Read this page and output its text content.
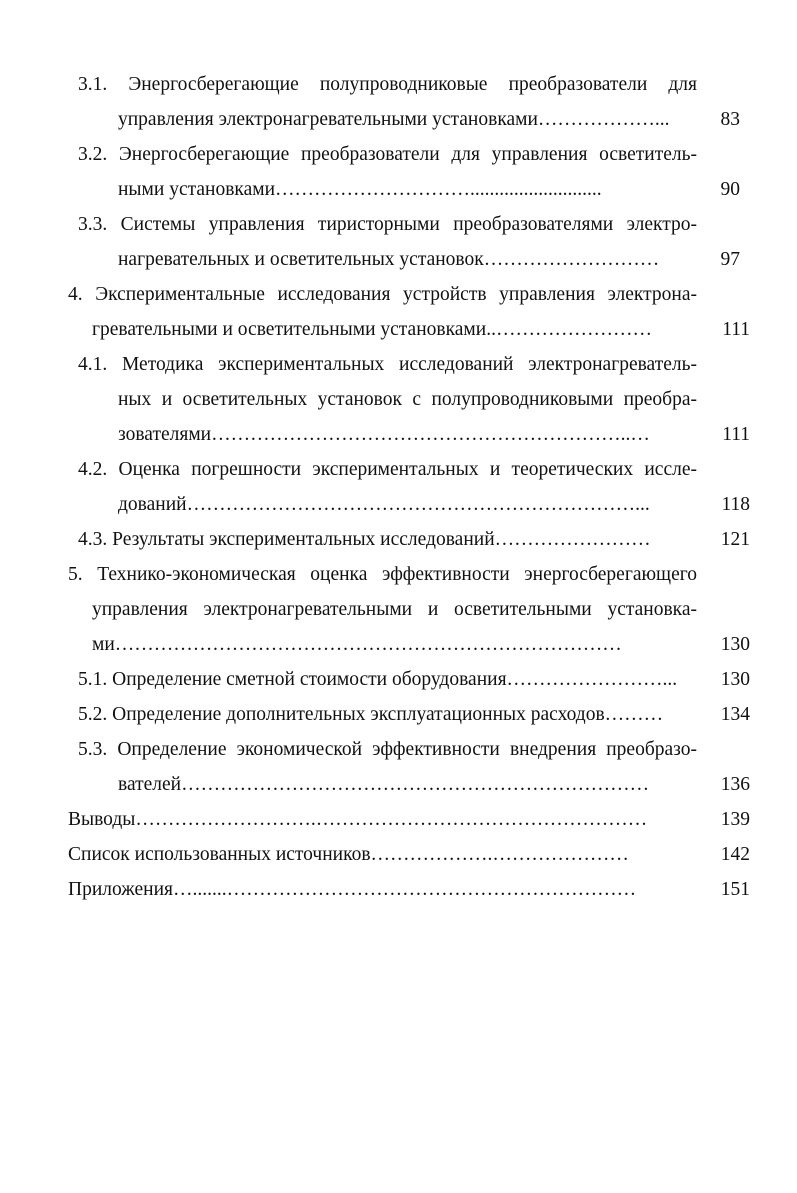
3.1. Энергосберегающие полупроводниковые преобразователи для
управления электронагревательными установками………………...	83
3.2. Энергосберегающие преобразователи для управления осветитель-
ными установками…………………………...........................	90
3.3. Системы управления тиристорными преобразователями электро-
нагревательных и осветительных установок………………………	97
4. Экспериментальные исследования устройств управления электрона-
гревательными и осветительными установками..……………………	111
4.1. Методика экспериментальных исследований электронагреватель-
ных и осветительных установок с полупроводниковыми преобра-
зователями………………………………………………………..…	111
4.2. Оценка погрешности экспериментальных и теоретических иссле-
дований……………………………………………………………...	118
4.3. Результаты экспериментальных исследований……………………	121
5. Технико-экономическая оценка эффективности энергосберегающего
управления электронагревательными и осветительными установка-
ми……………………………………………………………………	130
5.1. Определение сметной стоимости оборудования……………………...	130
5.2. Определение дополнительных эксплуатационных расходов………	134
5.3. Определение экономической эффективности внедрения преобразо-
вателей………………………………………………………………	136
Выводы……………………….……………………………………………	139
Список использованных источников……………….…………………	142
Приложения….......………………………………………………………	151
